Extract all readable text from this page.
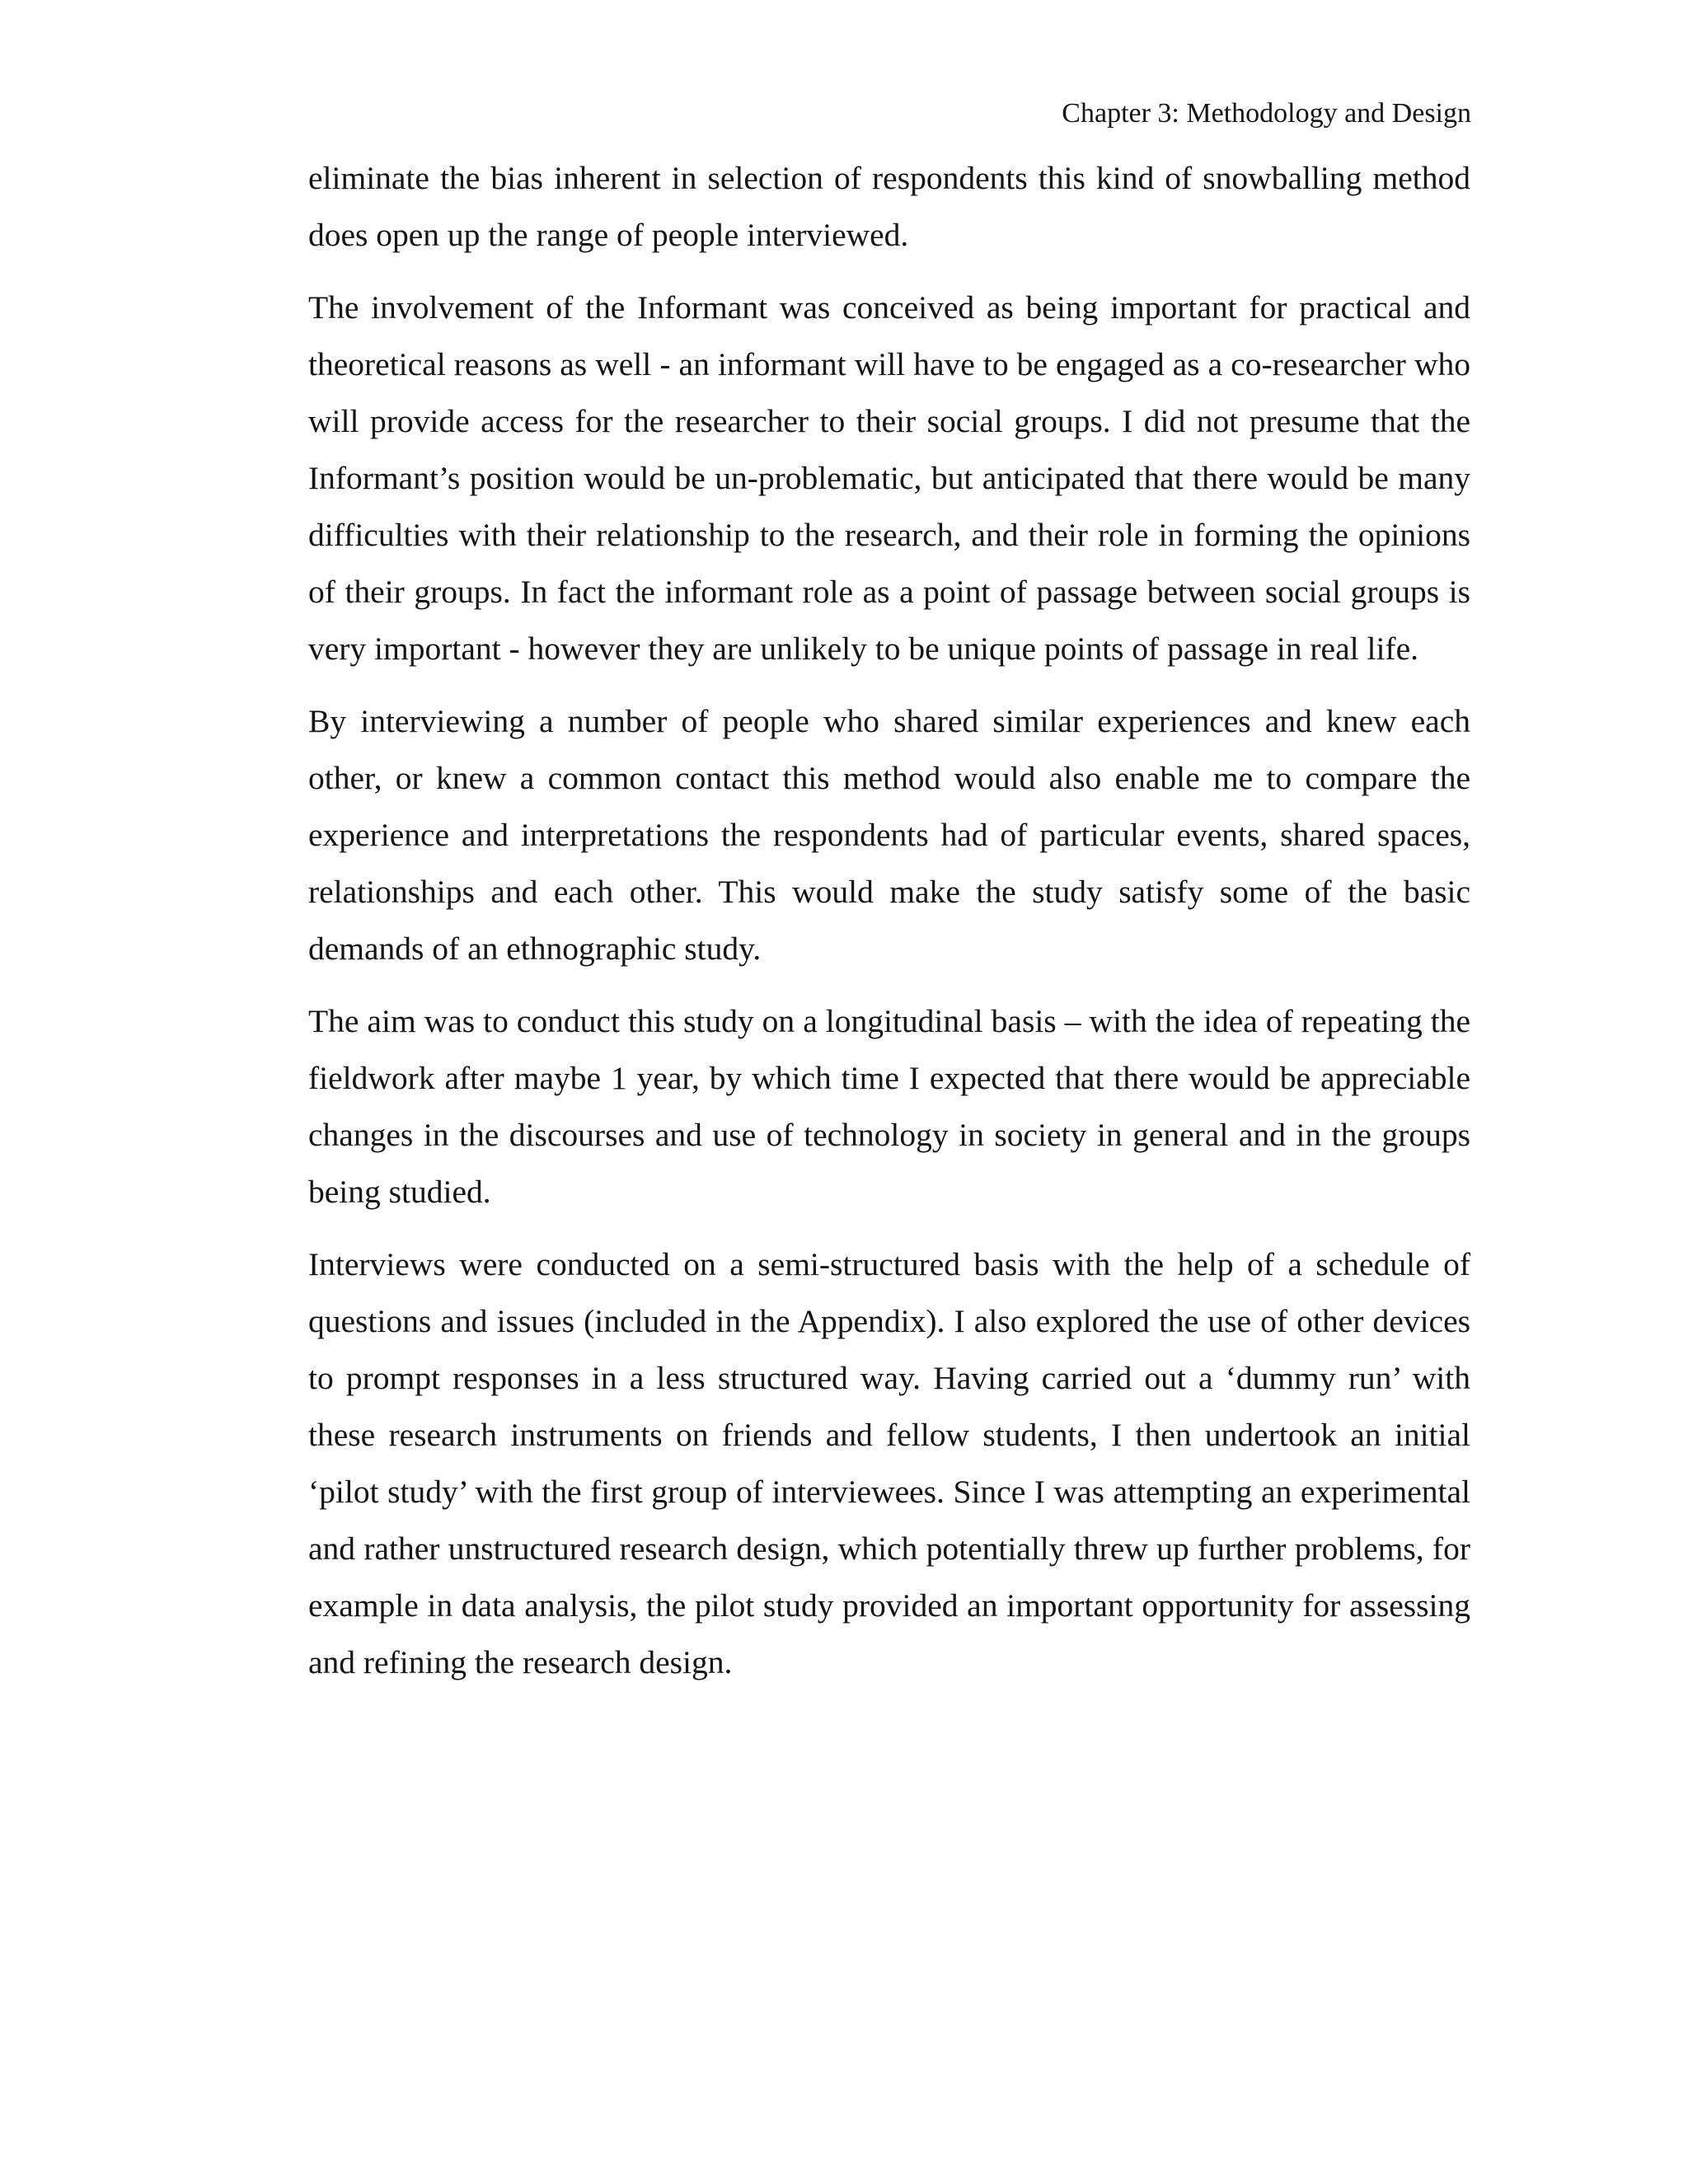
Chapter 3: Methodology and Design

eliminate the bias inherent in selection of respondents this kind of snowballing method does open up the range of people interviewed.

The involvement of the Informant was conceived as being important for practical and theoretical reasons as well - an informant will have to be engaged as a co-researcher who will provide access for the researcher to their social groups. I did not presume that the Informant’s position would be un-problematic, but anticipated that there would be many difficulties with their relationship to the research, and their role in forming the opinions of their groups. In fact the informant role as a point of passage between social groups is very important - however they are unlikely to be unique points of passage in real life.

By interviewing a number of people who shared similar experiences and knew each other, or knew a common contact this method would also enable me to compare the experience and interpretations the respondents had of particular events, shared spaces, relationships and each other. This would make the study satisfy some of the basic demands of an ethnographic study.

The aim was to conduct this study on a longitudinal basis – with the idea of repeating the fieldwork after maybe 1 year, by which time I expected that there would be appreciable changes in the discourses and use of technology in society in general and in the groups being studied.

Interviews were conducted on a semi-structured basis with the help of a schedule of questions and issues (included in the Appendix). I also explored the use of other devices to prompt responses in a less structured way. Having carried out a ‘dummy run’ with these research instruments on friends and fellow students, I then undertook an initial ‘pilot study’ with the first group of interviewees. Since I was attempting an experimental and rather unstructured research design, which potentially threw up further problems, for example in data analysis, the pilot study provided an important opportunity for assessing and refining the research design.
